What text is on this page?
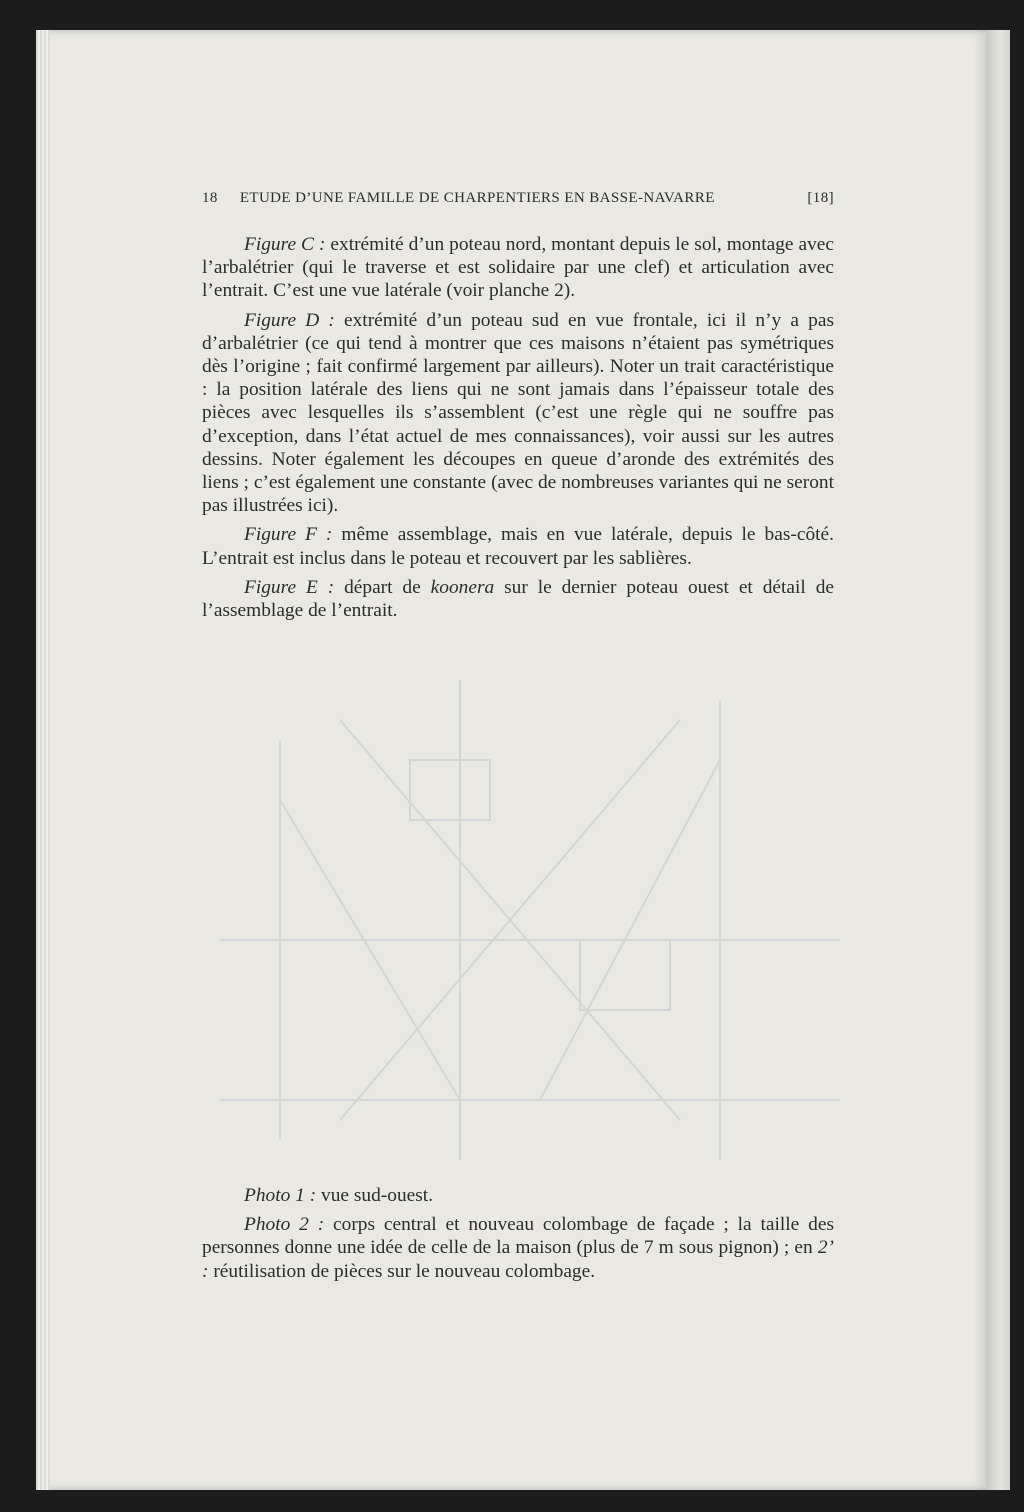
18	ETUDE D’UNE FAMILLE DE CHARPENTIERS EN BASSE-NAVARRE	[18]

Figure C : extrémité d’un poteau nord, montant depuis le sol, montage avec l’arbalétrier (qui le traverse et est solidaire par une clef) et articulation avec l’entrait. C’est une vue latérale (voir planche 2).

Figure D : extrémité d’un poteau sud en vue frontale, ici il n’y a pas d’arbalétrier (ce qui tend à montrer que ces maisons n’étaient pas symétriques dès l’origine ; fait confirmé largement par ailleurs). Noter un trait caractéristique : la position latérale des liens qui ne sont jamais dans l’épaisseur totale des pièces avec lesquelles ils s’assemblent (c’est une règle qui ne souffre pas d’exception, dans l’état actuel de mes connaissances), voir aussi sur les autres dessins. Noter également les découpes en queue d’aronde des extrémités des liens ; c’est également une constante (avec de nombreuses variantes qui ne seront pas illustrées ici).

Figure F : même assemblage, mais en vue latérale, depuis le bas-côté. L’entrait est inclus dans le poteau et recouvert par les sablières.

Figure E : départ de koonera sur le dernier poteau ouest et détail de l’assemblage de l’entrait.

Photo 1 : vue sud-ouest.

Photo 2 : corps central et nouveau colombage de façade ; la taille des personnes donne une idée de celle de la maison (plus de 7 m sous pignon) ; en 2’ : réutilisation de pièces sur le nouveau colombage.
